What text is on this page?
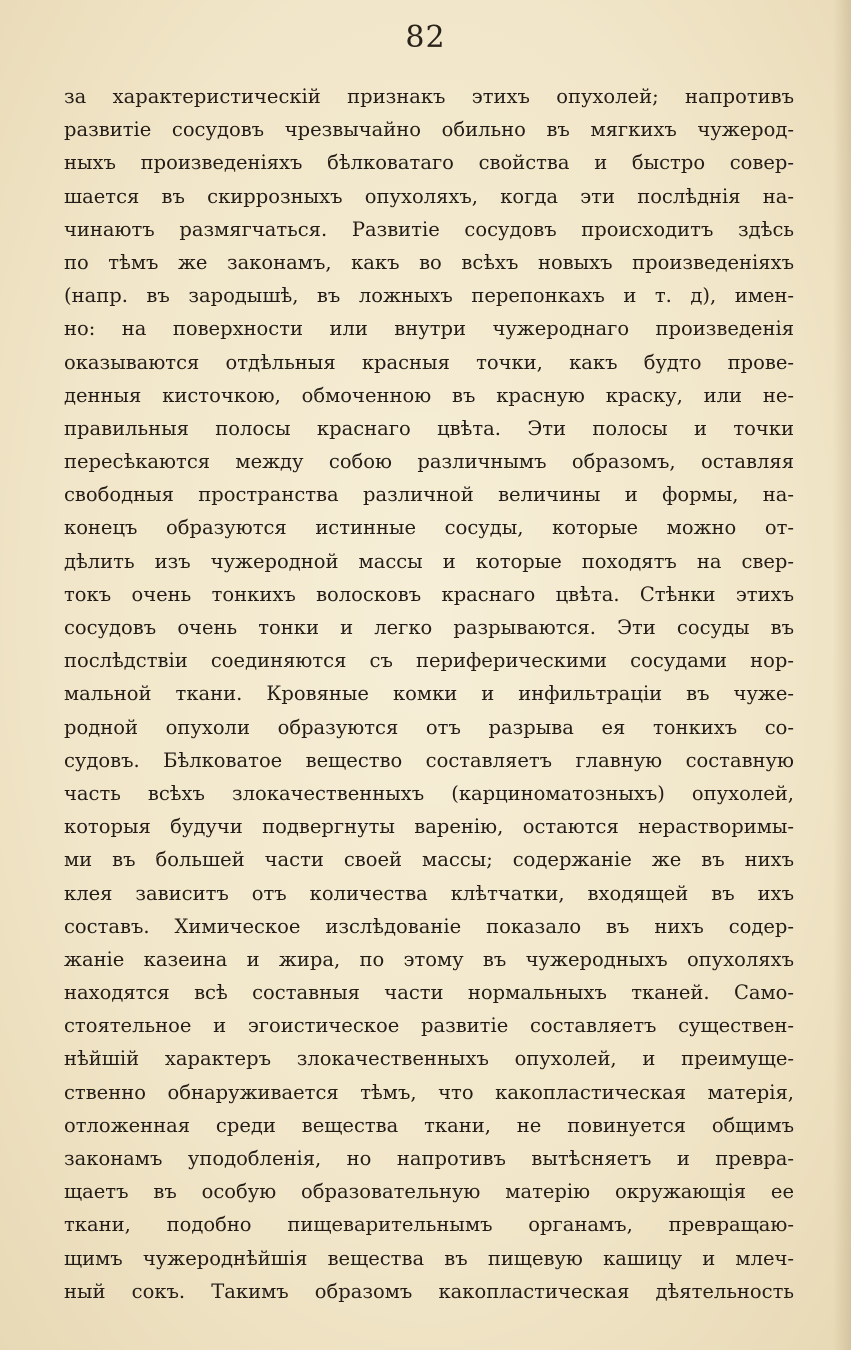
82
за характеристическій признакъ этихъ опухолей; напротивъ
развитіе сосудовъ чрезвычайно обильно въ мягкихъ чужерод-
ныхъ произведеніяхъ бѣлковатаго свойства и быстро совер-
шается въ скиррозныхъ опухоляхъ, когда эти послѣднія на-
чинаютъ размягчаться. Развитіе сосудовъ происходитъ здѣсь
по тѣмъ же законамъ, какъ во всѣхъ новыхъ произведеніяхъ
(напр. въ зародышѣ, въ ложныхъ перепонкахъ и т. д), имен-
но: на поверхности или внутри чужероднаго произведенія
оказываются отдѣльныя красныя точки, какъ будто прове-
денныя кисточкою, обмоченною въ красную краску, или не-
правильныя полосы краснаго цвѣта. Эти полосы и точки
пересѣкаются между собою различнымъ образомъ, оставляя
свободныя пространства различной величины и формы, на-
конецъ образуются истинные сосуды, которые можно от-
дѣлить изъ чужеродной массы и которые походятъ на свер-
токъ очень тонкихъ волосковъ краснаго цвѣта. Стѣнки этихъ
сосудовъ очень тонки и легко разрываются. Эти сосуды въ
послѣдствіи соединяются съ периферическими сосудами нор-
мальной ткани. Кровяные комки и инфильтраціи въ чуже-
родной опухоли образуются отъ разрыва ея тонкихъ со-
судовъ. Бѣлковатое вещество составляетъ главную составную
часть всѣхъ злокачественныхъ (карциноматозныхъ) опухолей,
которыя будучи подвергнуты варенію, остаются нерастворимы-
ми въ большей части своей массы; содержаніе же въ нихъ
клея зависитъ отъ количества клѣтчатки, входящей въ ихъ
составъ. Химическое изслѣдованіе показало въ нихъ содер-
жаніе казеина и жира, по этому въ чужеродныхъ опухоляхъ
находятся всѣ составныя части нормальныхъ тканей. Само-
стоятельное и эгоистическое развитіе составляетъ существен-
нѣйшій характеръ злокачественныхъ опухолей, и преимуще-
ственно обнаруживается тѣмъ, что какопластическая матерія,
отложенная среди вещества ткани, не повинуется общимъ
законамъ уподобленія, но напротивъ вытѣсняетъ и превра-
щаетъ въ особую образовательную матерію окружающія ее
ткани, подобно пищеварительнымъ органамъ, превращаю-
щимъ чужероднѣйшія вещества въ пищевую кашицу и млеч-
ный сокъ. Такимъ образомъ какопластическая дѣятельность
